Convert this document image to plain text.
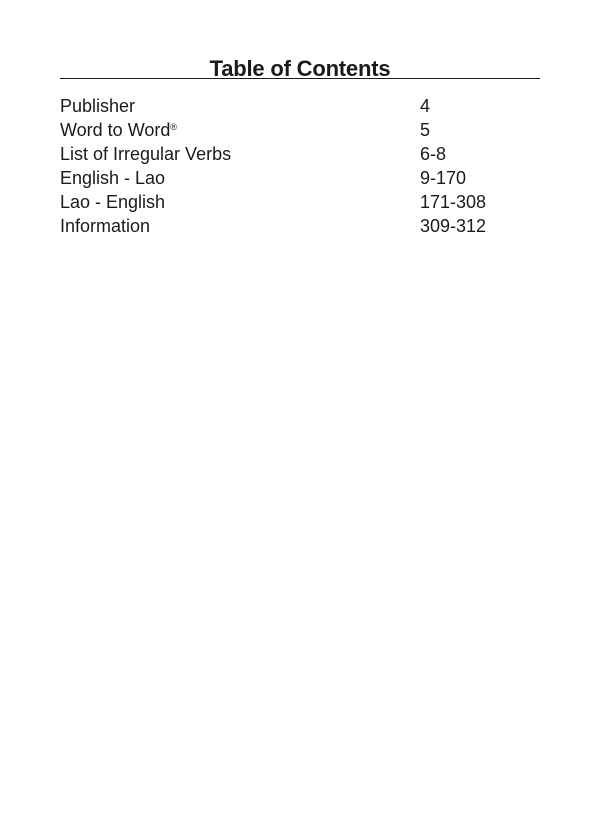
Table of Contents
Publisher	4
Word to Word®	5
List of Irregular Verbs	6-8
English - Lao	9-170
Lao - English	171-308
Information	309-312
